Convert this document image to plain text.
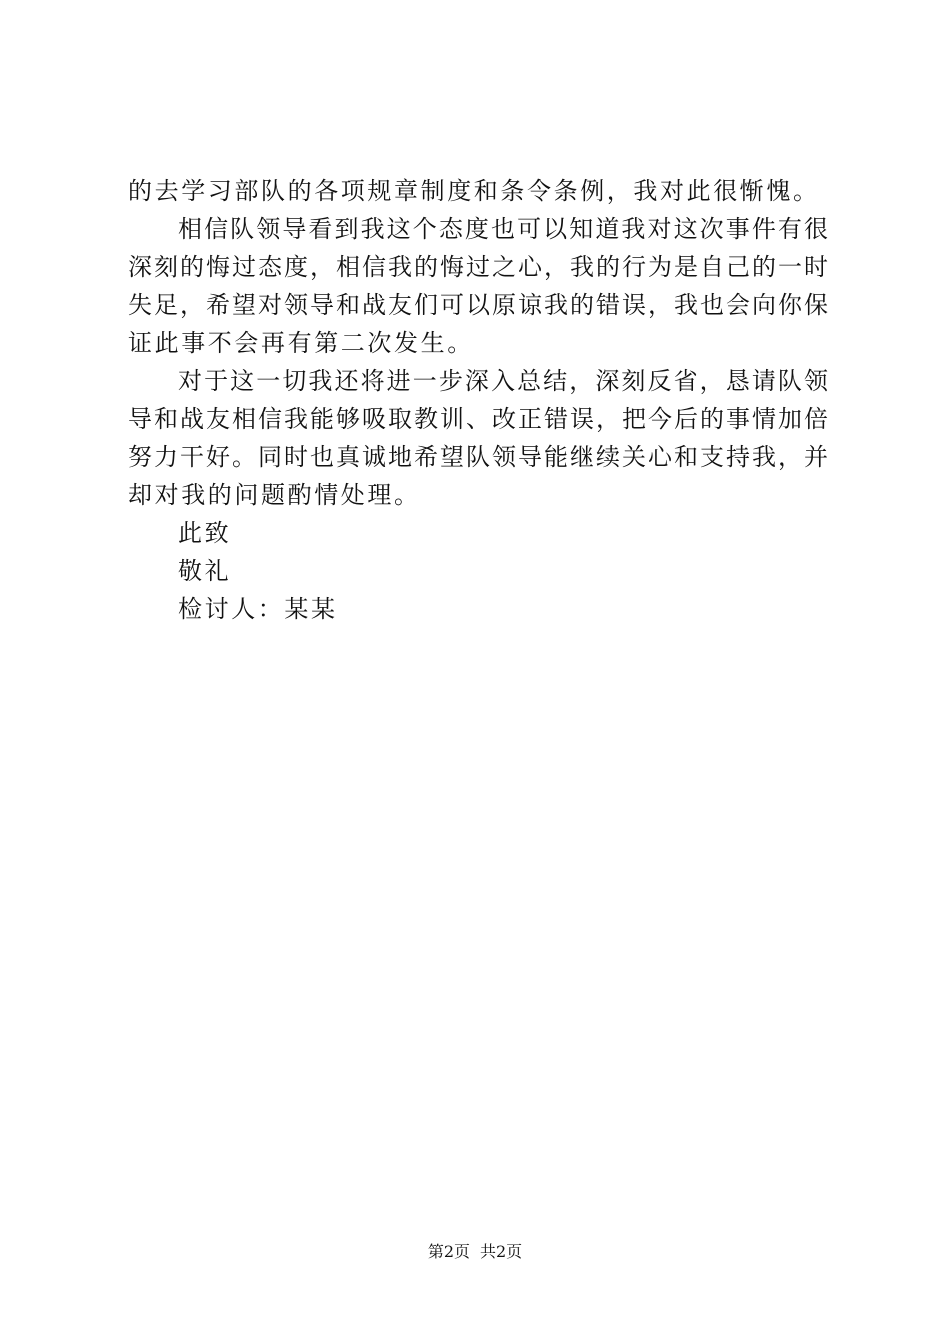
的去学习部队的各项规章制度和条令条例，我对此很惭愧。
相信队领导看到我这个态度也可以知道我对这次事件有很
深刻的悔过态度，相信我的悔过之心，我的行为是自己的一时
失足，希望对领导和战友们可以原谅我的错误，我也会向你保
证此事不会再有第二次发生。
对于这一切我还将进一步深入总结，深刻反省，恳请队领
导和战友相信我能够吸取教训、改正错误，把今后的事情加倍
努力干好。同时也真诚地希望队领导能继续关心和支持我，并
却对我的问题酌情处理。
此致
敬礼
检讨人：某某
第2页 共2页
